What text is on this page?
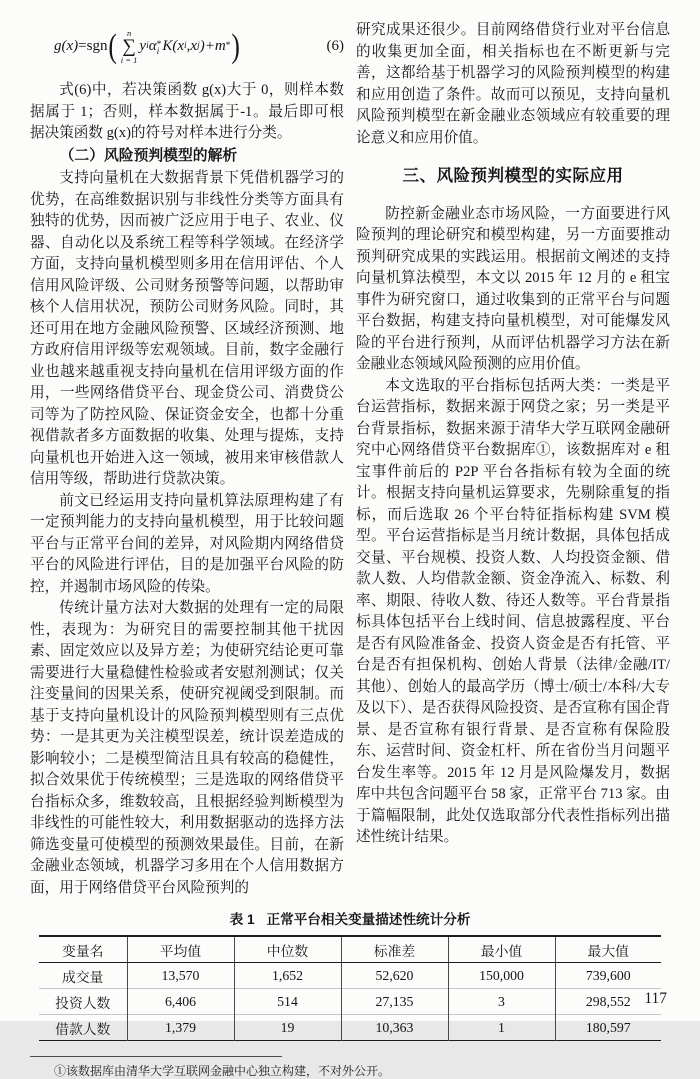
g(x) =sgn ( n
∑
i = 1
y i α *
i K(x i ,x j )+m * )	(6)

式(6)中，若决策函数 g(x)大于 0，则样本数据属于 1；否则，样本数据属于-1。最后即可根据决策函数 g(x)的符号对样本进行分类。

（二）风险预判模型的解析

支持向量机在大数据背景下凭借机器学习的优势，在高维数据识别与非线性分类等方面具有独特的优势，因而被广泛应用于电子、农业、仪器、自动化以及系统工程等科学领域。在经济学方面，支持向量机模型则多用在信用评估、个人信用风险评级、公司财务预警等问题，以帮助审核个人信用状况，预防公司财务风险。同时，其还可用在地方金融风险预警、区域经济预测、地方政府信用评级等宏观领域。目前，数字金融行业也越来越重视支持向量机在信用评级方面的作用，一些网络借贷平台、现金贷公司、消费贷公司等为了防控风险、保证资金安全，也都十分重视借款者多方面数据的收集、处理与提炼，支持向量机也开始进入这一领域，被用来审核借款人信用等级，帮助进行贷款决策。

前文已经运用支持向量机算法原理构建了有一定预判能力的支持向量机模型，用于比较问题平台与正常平台间的差异，对风险期内网络借贷平台的风险进行评估，目的是加强平台风险的防控，并遏制市场风险的传染。

传统计量方法对大数据的处理有一定的局限性，表现为：为研究目的需要控制其他干扰因素、固定效应以及异方差；为使研究结论更可靠需要进行大量稳健性检验或者安慰剂测试；仅关注变量间的因果关系，使研究视阈受到限制。而基于支持向量机设计的风险预判模型则有三点优势：一是其更为关注模型误差，统计误差造成的影响较小；二是模型简洁且具有较高的稳健性，拟合效果优于传统模型；三是选取的网络借贷平台指标众多，维数较高，且根据经验判断模型为非线性的可能性较大，利用数据驱动的选择方法筛选变量可使模型的预测效果最佳。目前，在新金融业态领域，机器学习多用在个人信用数据方面，用于网络借贷平台风险预判的

研究成果还很少。目前网络借贷行业对平台信息的收集更加全面，相关指标也在不断更新与完善，这都给基于机器学习的风险预判模型的构建和应用创造了条件。故而可以预见，支持向量机风险预判模型在新金融业态领域应有较重要的理论意义和应用价值。

三、风险预判模型的实际应用

防控新金融业态市场风险，一方面要进行风险预判的理论研究和模型构建，另一方面要推动预判研究成果的实践运用。根据前文阐述的支持向量机算法模型，本文以 2015 年 12 月的 e 租宝事件为研究窗口，通过收集到的正常平台与问题平台数据，构建支持向量机模型，对可能爆发风险的平台进行预判，从而评估机器学习方法在新金融业态领域风险预测的应用价值。

本文选取的平台指标包括两大类：一类是平台运营指标，数据来源于网贷之家；另一类是平台背景指标，数据来源于清华大学互联网金融研究中心网络借贷平台数据库①，该数据库对 e 租宝事件前后的 P2P 平台各指标有较为全面的统计。根据支持向量机运算要求，先剔除重复的指标，而后选取 26 个平台特征指标构建 SVM 模型。平台运营指标是当月统计数据，具体包括成交量、平台规模、投资人数、人均投资金额、借款人数、人均借款金额、资金净流入、标数、利率、期限、待收人数、待还人数等。平台背景指标具体包括平台上线时间、信息披露程度、平台是否有风险准备金、投资人资金是否有托管、平台是否有担保机构、创始人背景（法律/金融/IT/其他）、创始人的最高学历（博士/硕士/本科/大专及以下）、是否获得风险投资、是否宣称有国企背景、是否宣称有银行背景、是否宣称有保险股东、运营时间、资金杠杆、所在省份当月问题平台发生率等。2015 年 12 月是风险爆发月，数据库中共包含问题平台 58 家，正常平台 713 家。由于篇幅限制，此处仅选取部分代表性指标列出描述性统计结果。

表 1 正常平台相关变量描述性统计分析
变量名	平均值	中位数	标准差	最小值	最大值
成交量	13,570	1,652	52,620	150,000	739,600
投资人数	6,406	514	27,135	3	298,552
借款人数	1,379	19	10,363	1	180,597

①该数据库由清华大学互联网金融中心独立构建，不对外公开。

117
